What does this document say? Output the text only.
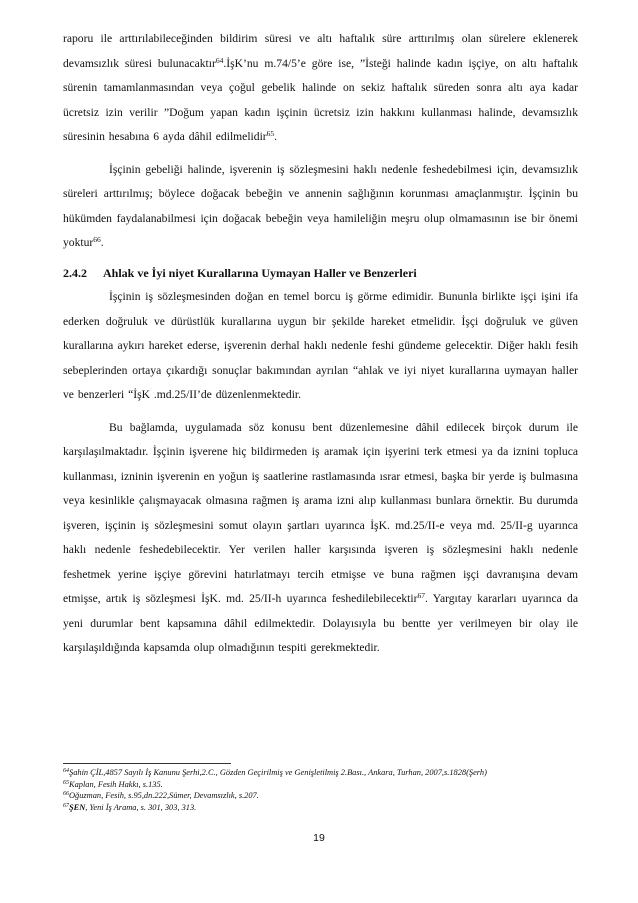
raporu ile arttırılabileceğinden bildirim süresi ve altı haftalık süre arttırılmış olan sürelere eklenerek devamsızlık süresi bulunacaktır$^{64}$.İşK’nu m.74/5’e göre ise, ”İsteği halinde kadın işçiye, on altı haftalık sürenin tamamlanmasından veya çoğul gebelik halinde on sekiz haftalık süreden sonra altı aya kadar ücretsiz izin verilir ”Doğum yapan kadın işçinin ücretsiz izin hakkını kullanması halinde, devamsızlık süresinin hesabına 6 ayda dâhil edilmelidir$^{65}$.

İşçinin gebeliği halinde, işverenin iş sözleşmesini haklı nedenle feshedebilmesi için, devamsızlık süreleri arttırılmış; böylece doğacak bebeğin ve annenin sağlığının korunması amaçlanmıştır. İşçinin bu hükümden faydalanabilmesi için doğacak bebeğin veya hamileliğin meşru olup olmamasının ise bir önemi yoktur$^{66}$.

2.4.2 Ahlak ve İyi niyet Kurallarına Uymayan Haller ve Benzerleri

İşçinin iş sözleşmesinden doğan en temel borcu iş görme edimidir. Bununla birlikte işçi işini ifa ederken doğruluk ve dürüstlük kurallarına uygun bir şekilde hareket etmelidir. İşçi doğruluk ve güven kurallarına aykırı hareket ederse, işverenin derhal haklı nedenle feshi gündeme gelecektir. Diğer haklı fesih sebeplerinden ortaya çıkardığı sonuçlar bakımından ayrılan “ahlak ve iyi niyet kurallarına uymayan haller ve benzerleri “İşK .md.25/II’de düzenlenmektedir.

Bu bağlamda, uygulamada söz konusu bent düzenlemesine dâhil edilecek birçok durum ile karşılaşılmaktadır. İşçinin işverene hiç bildirmeden iş aramak için işyerini terk etmesi ya da iznini topluca kullanması, izninin işverenin en yoğun iş saatlerine rastlamasında ısrar etmesi, başka bir yerde iş bulmasına veya kesinlikle çalışmayacak olmasına rağmen iş arama izni alıp kullanması bunlara örnektir. Bu durumda işveren, işçinin iş sözleşmesini somut olayın şartları uyarınca İşK. md.25/II-e veya md. 25/II-g uyarınca haklı nedenle feshedebilecektir. Yer verilen haller karşısında işveren iş sözleşmesini haklı nedenle feshetmek yerine işçiye görevini hatırlatmayı tercih etmişse ve buna rağmen işçi davranışına devam etmişse, artık iş sözleşmesi İşK. md. 25/II-h uyarınca feshedilebilecektir$^{67}$. Yargıtay kararları uyarınca da yeni durumlar bent kapsamına dâhil edilmektedir. Dolayısıyla bu bentte yer verilmeyen bir olay ile karşılaşıldığında kapsamda olup olmadığının tespiti gerekmektedir.

$^{64}$Şahin ÇİL,4857 Sayılı İş Kanunu Şerhi,2.C., Gözden Geçirilmiş ve Genişletilmiş 2.Bası., Ankara, Turhan, 2007,s.1828(Şerh)

$^{65}$Kaplan, Fesih Hakkı, s.135.

$^{66}$Oğuzman, Fesih, s.95,dn.222,Sümer, Devamsızlık, s.207.

$^{67}$ŞEN, Yeni İş Arama, s. 301, 303, 313.

19
